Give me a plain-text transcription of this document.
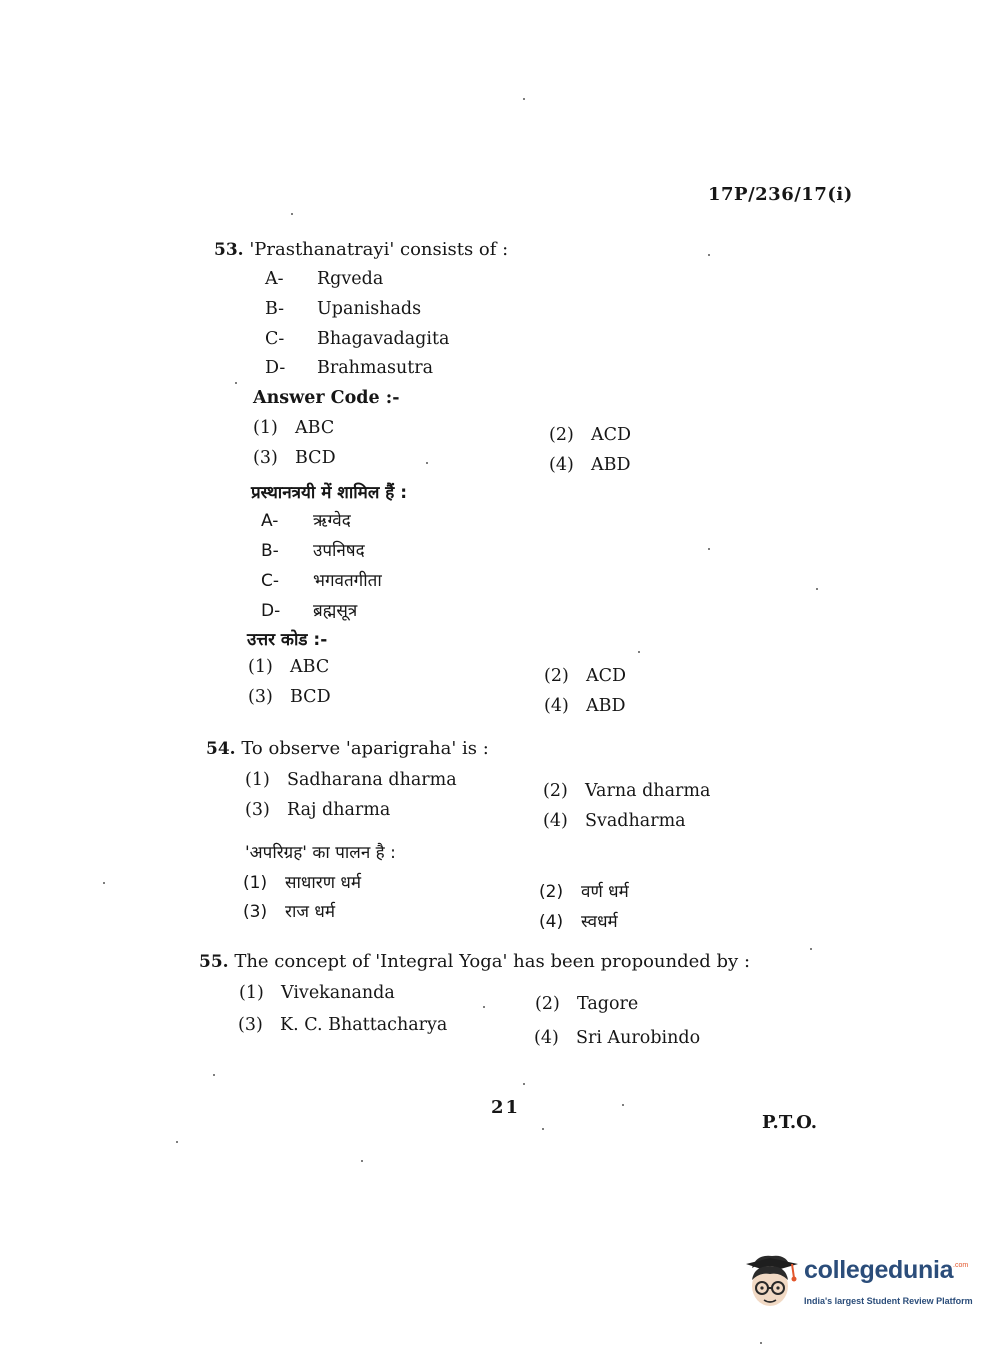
17P/236/17(i)
53. 'Prasthanatrayi' consists of :
A- Rgveda
B- Upanishads
C- Bhagavadagita
D- Brahmasutra
Answer Code :-
(1) ABC	(2) ACD
(3) BCD	(4) ABD
प्रस्थानत्रयी में शामिल हैं :
A- ऋग्वेद
B- उपनिषद
C- भगवतगीता
D- ब्रह्मसूत्र
उत्तर कोड :-
(1) ABC	(2) ACD
(3) BCD	(4) ABD
54. To observe 'aparigraha' is :
(1) Sadharana dharma
(2) Varna dharma
(3) Raj dharma
(4) Svadharma
'अपरिग्रह' का पालन है :
(1) साधारण धर्म	(2) वर्ण धर्म
(3) राज धर्म	(4) स्वधर्म
55. The concept of 'Integral Yoga' has been propounded by :
(1) Vivekananda
(2) Tagore
(3) K. C. Bhattacharya
(4) Sri Aurobindo
21
P.T.O.
collegedunia .com
India's largest Student Review Platform
